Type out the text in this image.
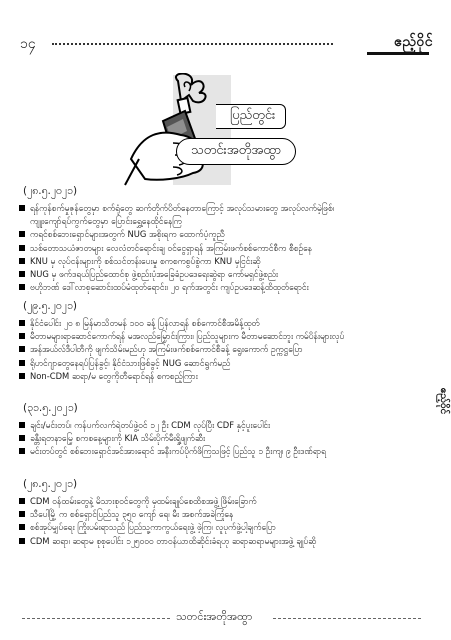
၁၄	ဧည့်ဝိုင်
ပြည်တွင်း
သတင်းအတိုအထွာ
(၂၈.၅.၂၀၂၁)
ရန်ကုန်စက်မှုဇုန်တွေမှာ စက်ရုံတွေ ဆက်တိုက်ပိတ်နေတာကြောင့် အလုပ်သမားတွေ အလုပ်လက်မဲ့ဖြစ်၊
ကျူးကျော်ရပ်ကွက်တွေမှာ ပြောင်းရွှေ့နေထိုင်နေကြ
ကရင်စစ်ဘေးရှောင်များအတွက် NUG အစိုးရက ထောက်ပံ့ကူညီ
သစ်တောသယံဇာတများ လေလံတင်ရောင်းချ ဝင်ငွေရှာရန် အကြမ်းဖက်စစ်ကောင်စီက စီစဉ်နေ
KNU မှ လုပ်ငန်းများကို စစ်သင်တန်းပေးမှု စကစကစွပ်စွဲကာ KNU မှငြင်းဆို
NUG မှ ဖက်ဒရယ်ပြည်ထောင်စု ဖွဲ့စည်းပုံအခြေခံဥပဒေရေးဆွဲရာ ကော်မရှင်ဖွဲ့စည်း
ဗဟိုဘဏ် ဒေါ်လာစုဆောင်းထပ်မံထုတ်ရောင်း၊ ၂၀ ရက်အတွင်း ကျပ်ဥပဒေဆန့်ထိထုတ်ရောင်း
(၂၉.၅.၂၀၂၁)
နိုင်ငံပေါင်း ၂၀ ၈ မြန်မာသိတမန် ၁၀၀ ခန့် ပြန်လာရန် စစ်ကောင်စီအမိန့်ထုတ်
မီတာမများရာဆောင်ကောက်ရန် မအလည်မြှောင်းကြား၊ ပြည်သူများက မီတာမဆောင်ဘူး ကမ်ပိန်းများလုပ်
အန်အယ်လ်ဒီပါတီကို ဖျက်သိမ်းမည်ဟု အကြမ်းဖက်စစ်ကောင်စီခန့် ရွေးကောက် ဥက္ကဋ္ဌပြော
ရိုဟင်ဂျာတွေနေရပ်ပြန်ခွင့်၊ နိုင်ငံသားဖြစ်ခွင့် NUG ဆောင်ရွက်မည်
Non-CDM ဆရာ/မ တွေကိုတီရောင်ရန် စကစည့်ကြား
(၃၁.၅.၂၀၂၁)
ချင်း/မင်းတပ်၊ ကန်ပက်လက်ရဲတပ်ဖွဲ့ဝင် ၁၂ ဦး CDM လုပ်ပြီး CDF နှင့်ပူးပေါင်း
ခန္တီးရတနာမြေ့ စကစနေ့များကို KIA သိမ်းပိုက်မီးရှို့ဖျက်ဆီး
မင်းတပ်တွင် စစ်ဘေးရှောင်အင်အားရောင် အနီးကပ်ပိုက်ဖိကြသဖြင့် ပြည်သူ ၁ ဦးကျ၊ ၉ ဦးဒဏ်ရာရ
(၂၈.၅.၂၀၂၁)
CDM ဝန်ထမ်းတွေနဲ့ မိသားစုဝင်တွေကို မှထမ်းချုပ်စေထိစအဖွဲ့ ဖြိမ်းခြောက်
သီပေါမြို့ က စစ်ရှောင်ပြည်သူ ၃၅၀ ကျော် ရေ၊ မီး အစက်အခဲကြုံနေ
စစ်အုပ်မျှပ်ရေး ကြိုးပမ်းရာသည် ပြည်သူ့ကာကွယ်ရေးဖွဲ့ ဖဲ့ကြ၊ လူပုက်ဖွဲ့ပါ့ချက်ပြော
CDM ဆရာ၊ ဆရာမ စုစုပေါင်း ၁၂၅၀၀၀ တာဝန်ယာထိဆိုင်းခံရဟု ဆရာဆရာမများအဖွဲ့ ချုပ်ဆို
ဧည့်ဝိုင်
သတင်းအတိုအထွာ
